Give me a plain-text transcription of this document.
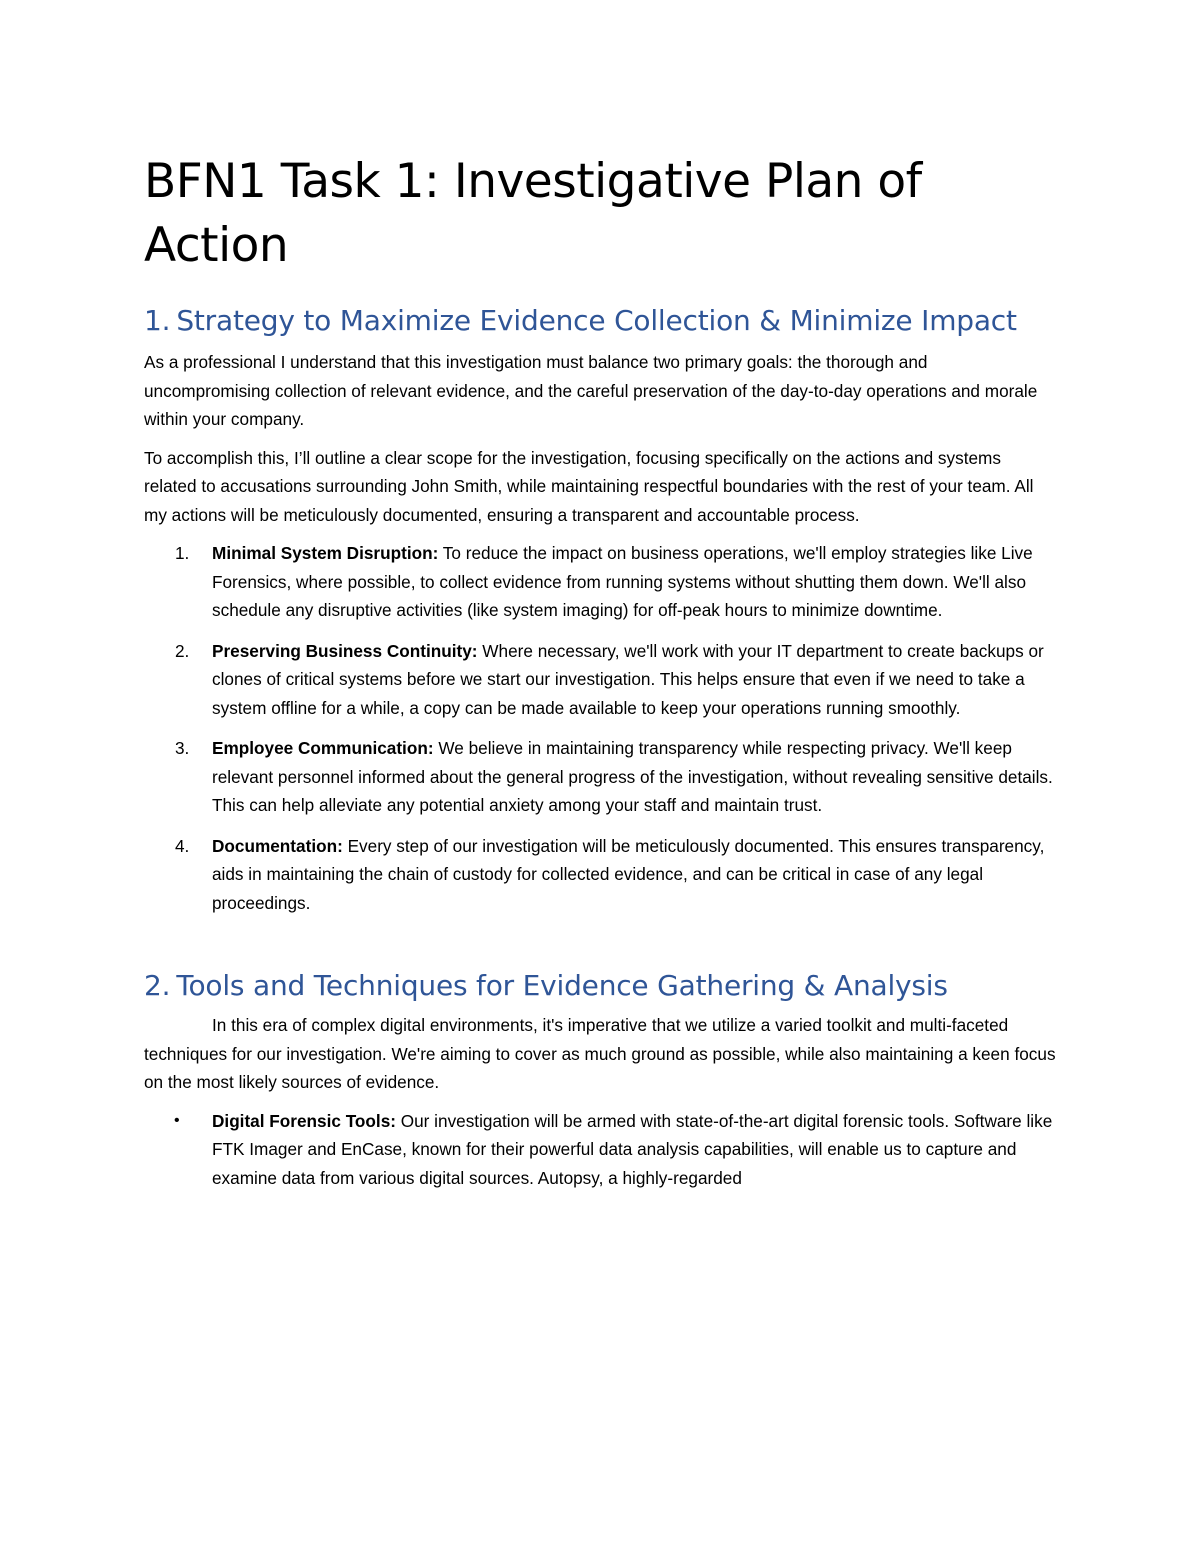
BFN1 Task 1: Investigative Plan of Action
1. Strategy to Maximize Evidence Collection & Minimize Impact

As a professional I understand that this investigation must balance two primary goals: the thorough and uncompromising collection of relevant evidence, and the careful preservation of the day-to-day operations and morale within your company.

To accomplish this, I’ll outline a clear scope for the investigation, focusing specifically on the actions and systems related to accusations surrounding John Smith, while maintaining respectful boundaries with the rest of your team. All my actions will be meticulously documented, ensuring a transparent and accountable process.

1. Minimal System Disruption: To reduce the impact on business operations, we'll employ strategies like Live Forensics, where possible, to collect evidence from running systems without shutting them down. We'll also schedule any disruptive activities (like system imaging) for off-peak hours to minimize downtime.
2. Preserving Business Continuity: Where necessary, we'll work with your IT department to create backups or clones of critical systems before we start our investigation. This helps ensure that even if we need to take a system offline for a while, a copy can be made available to keep your operations running smoothly.
3. Employee Communication: We believe in maintaining transparency while respecting privacy. We'll keep relevant personnel informed about the general progress of the investigation, without revealing sensitive details. This can help alleviate any potential anxiety among your staff and maintain trust.
4. Documentation: Every step of our investigation will be meticulously documented. This ensures transparency, aids in maintaining the chain of custody for collected evidence, and can be critical in case of any legal proceedings.
2. Tools and Techniques for Evidence Gathering & Analysis

In this era of complex digital environments, it's imperative that we utilize a varied toolkit and multi-faceted techniques for our investigation. We're aiming to cover as much ground as possible, while also maintaining a keen focus on the most likely sources of evidence.

• Digital Forensic Tools: Our investigation will be armed with state-of-the-art digital forensic tools. Software like FTK Imager and EnCase, known for their powerful data analysis capabilities, will enable us to capture and examine data from various digital sources. Autopsy, a highly-regarded
